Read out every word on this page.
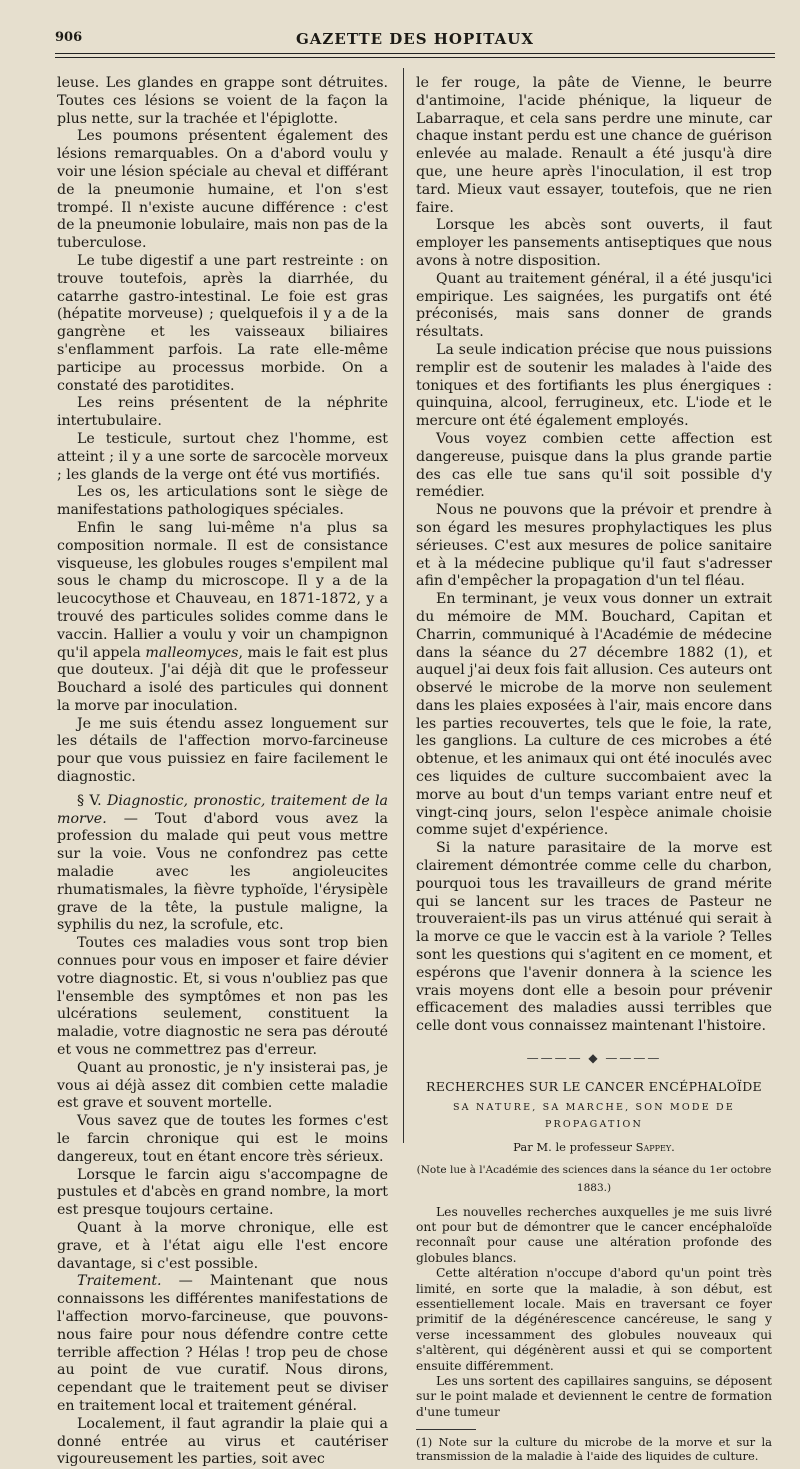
906	GAZETTE DES HOPITAUX

leuse. Les glandes en grappe sont détruites. Toutes ces lésions se voient de la façon la plus nette, sur la trachée et l'épiglotte.

Les poumons présentent également des lésions remarquables. On a d'abord voulu y voir une lésion spéciale au cheval et différant de la pneumonie humaine, et l'on s'est trompé. Il n'existe aucune différence : c'est de la pneumonie lobulaire, mais non pas de la tuberculose.

Le tube digestif a une part restreinte : on trouve toutefois, après la diarrhée, du catarrhe gastro-intestinal. Le foie est gras (hépatite morveuse) ; quelquefois il y a de la gangrène et les vaisseaux biliaires s'enflamment parfois. La rate elle-même participe au processus morbide. On a constaté des parotidites.

Les reins présentent de la néphrite intertubulaire.

Le testicule, surtout chez l'homme, est atteint ; il y a une sorte de sarcocèle morveux ; les glands de la verge ont été vus mortifiés.

Les os, les articulations sont le siège de manifestations pathologiques spéciales.

Enfin le sang lui-même n'a plus sa composition normale. Il est de consistance visqueuse, les globules rouges s'empilent mal sous le champ du microscope. Il y a de la leucocythose et Chauveau, en 1871-1872, y a trouvé des particules solides comme dans le vaccin. Hallier a voulu y voir un champignon qu'il appela malleomyces, mais le fait est plus que douteux. J'ai déjà dit que le professeur Bouchard a isolé des particules qui donnent la morve par inoculation.

Je me suis étendu assez longuement sur les détails de l'affection morvo-farcineuse pour que vous puissiez en faire facilement le diagnostic.

§ V. Diagnostic, pronostic, traitement de la morve. — Tout d'abord vous avez la profession du malade qui peut vous mettre sur la voie. Vous ne confondrez pas cette maladie avec les angioleucites rhumatismales, la fièvre typhoïde, l'érysipèle grave de la tête, la pustule maligne, la syphilis du nez, la scrofule, etc.

Toutes ces maladies vous sont trop bien connues pour vous en imposer et faire dévier votre diagnostic. Et, si vous n'oubliez pas que l'ensemble des symptômes et non pas les ulcérations seulement, constituent la maladie, votre diagnostic ne sera pas dérouté et vous ne commettrez pas d'erreur.

Quant au pronostic, je n'y insisterai pas, je vous ai déjà assez dit combien cette maladie est grave et souvent mortelle.

Vous savez que de toutes les formes c'est le farcin chronique qui est le moins dangereux, tout en étant encore très sérieux.

Lorsque le farcin aigu s'accompagne de pustules et d'abcès en grand nombre, la mort est presque toujours certaine.

Quant à la morve chronique, elle est grave, et à l'état aigu elle l'est encore davantage, si c'est possible.

Traitement. — Maintenant que nous connaissons les différentes manifestations de l'affection morvo-farcineuse, que pouvons-nous faire pour nous défendre contre cette terrible affection ? Hélas ! trop peu de chose au point de vue curatif. Nous dirons, cependant que le traitement peut se diviser en traitement local et traitement général.

Localement, il faut agrandir la plaie qui a donné entrée au virus et cautériser vigoureusement les parties, soit avec

le fer rouge, la pâte de Vienne, le beurre d'antimoine, l'acide phénique, la liqueur de Labarraque, et cela sans perdre une minute, car chaque instant perdu est une chance de guérison enlevée au malade. Renault a été jusqu'à dire que, une heure après l'inoculation, il est trop tard. Mieux vaut essayer, toutefois, que ne rien faire.

Lorsque les abcès sont ouverts, il faut employer les pansements antiseptiques que nous avons à notre disposition.

Quant au traitement général, il a été jusqu'ici empirique. Les saignées, les purgatifs ont été préconisés, mais sans donner de grands résultats.

La seule indication précise que nous puissions remplir est de soutenir les malades à l'aide des toniques et des fortifiants les plus énergiques : quinquina, alcool, ferrugineux, etc. L'iode et le mercure ont été également employés.

Vous voyez combien cette affection est dangereuse, puisque dans la plus grande partie des cas elle tue sans qu'il soit possible d'y remédier.

Nous ne pouvons que la prévoir et prendre à son égard les mesures prophylactiques les plus sérieuses. C'est aux mesures de police sanitaire et à la médecine publique qu'il faut s'adresser afin d'empêcher la propagation d'un tel fléau.

En terminant, je veux vous donner un extrait du mémoire de MM. Bouchard, Capitan et Charrin, communiqué à l'Académie de médecine dans la séance du 27 décembre 1882 (1), et auquel j'ai deux fois fait allusion. Ces auteurs ont observé le microbe de la morve non seulement dans les plaies exposées à l'air, mais encore dans les parties recouvertes, tels que le foie, la rate, les ganglions. La culture de ces microbes a été obtenue, et les animaux qui ont été inoculés avec ces liquides de culture succombaient avec la morve au bout d'un temps variant entre neuf et vingt-cinq jours, selon l'espèce animale choisie comme sujet d'expérience.

Si la nature parasitaire de la morve est clairement démontrée comme celle du charbon, pourquoi tous les travailleurs de grand mérite qui se lancent sur les traces de Pasteur ne trouveraient-ils pas un virus atténué qui serait à la morve ce que le vaccin est à la variole ? Telles sont les questions qui s'agitent en ce moment, et espérons que l'avenir donnera à la science les vrais moyens dont elle a besoin pour prévenir efficacement des maladies aussi terribles que celle dont vous connaissez maintenant l'histoire.

———— ◆ ————
RECHERCHES SUR LE CANCER ENCÉPHALOÏDE
SA NATURE, SA MARCHE, SON MODE DE PROPAGATION
Par M. le professeur Sappey.
(Note lue à l'Académie des sciences dans la séance du 1er octobre 1883.)

Les nouvelles recherches auxquelles je me suis livré ont pour but de démontrer que le cancer encéphaloïde reconnaît pour cause une altération profonde des globules blancs.

Cette altération n'occupe d'abord qu'un point très limité, en sorte que la maladie, à son début, est essentiellement locale. Mais en traversant ce foyer primitif de la dégénérescence cancéreuse, le sang y verse incessamment des globules nouveaux qui s'altèrent, qui dégénèrent aussi et qui se comportent ensuite différemment.

Les uns sortent des capillaires sanguins, se déposent sur le point malade et deviennent le centre de formation d'une tumeur

(1) Note sur la culture du microbe de la morve et sur la transmission de la maladie à l'aide des liquides de culture.
